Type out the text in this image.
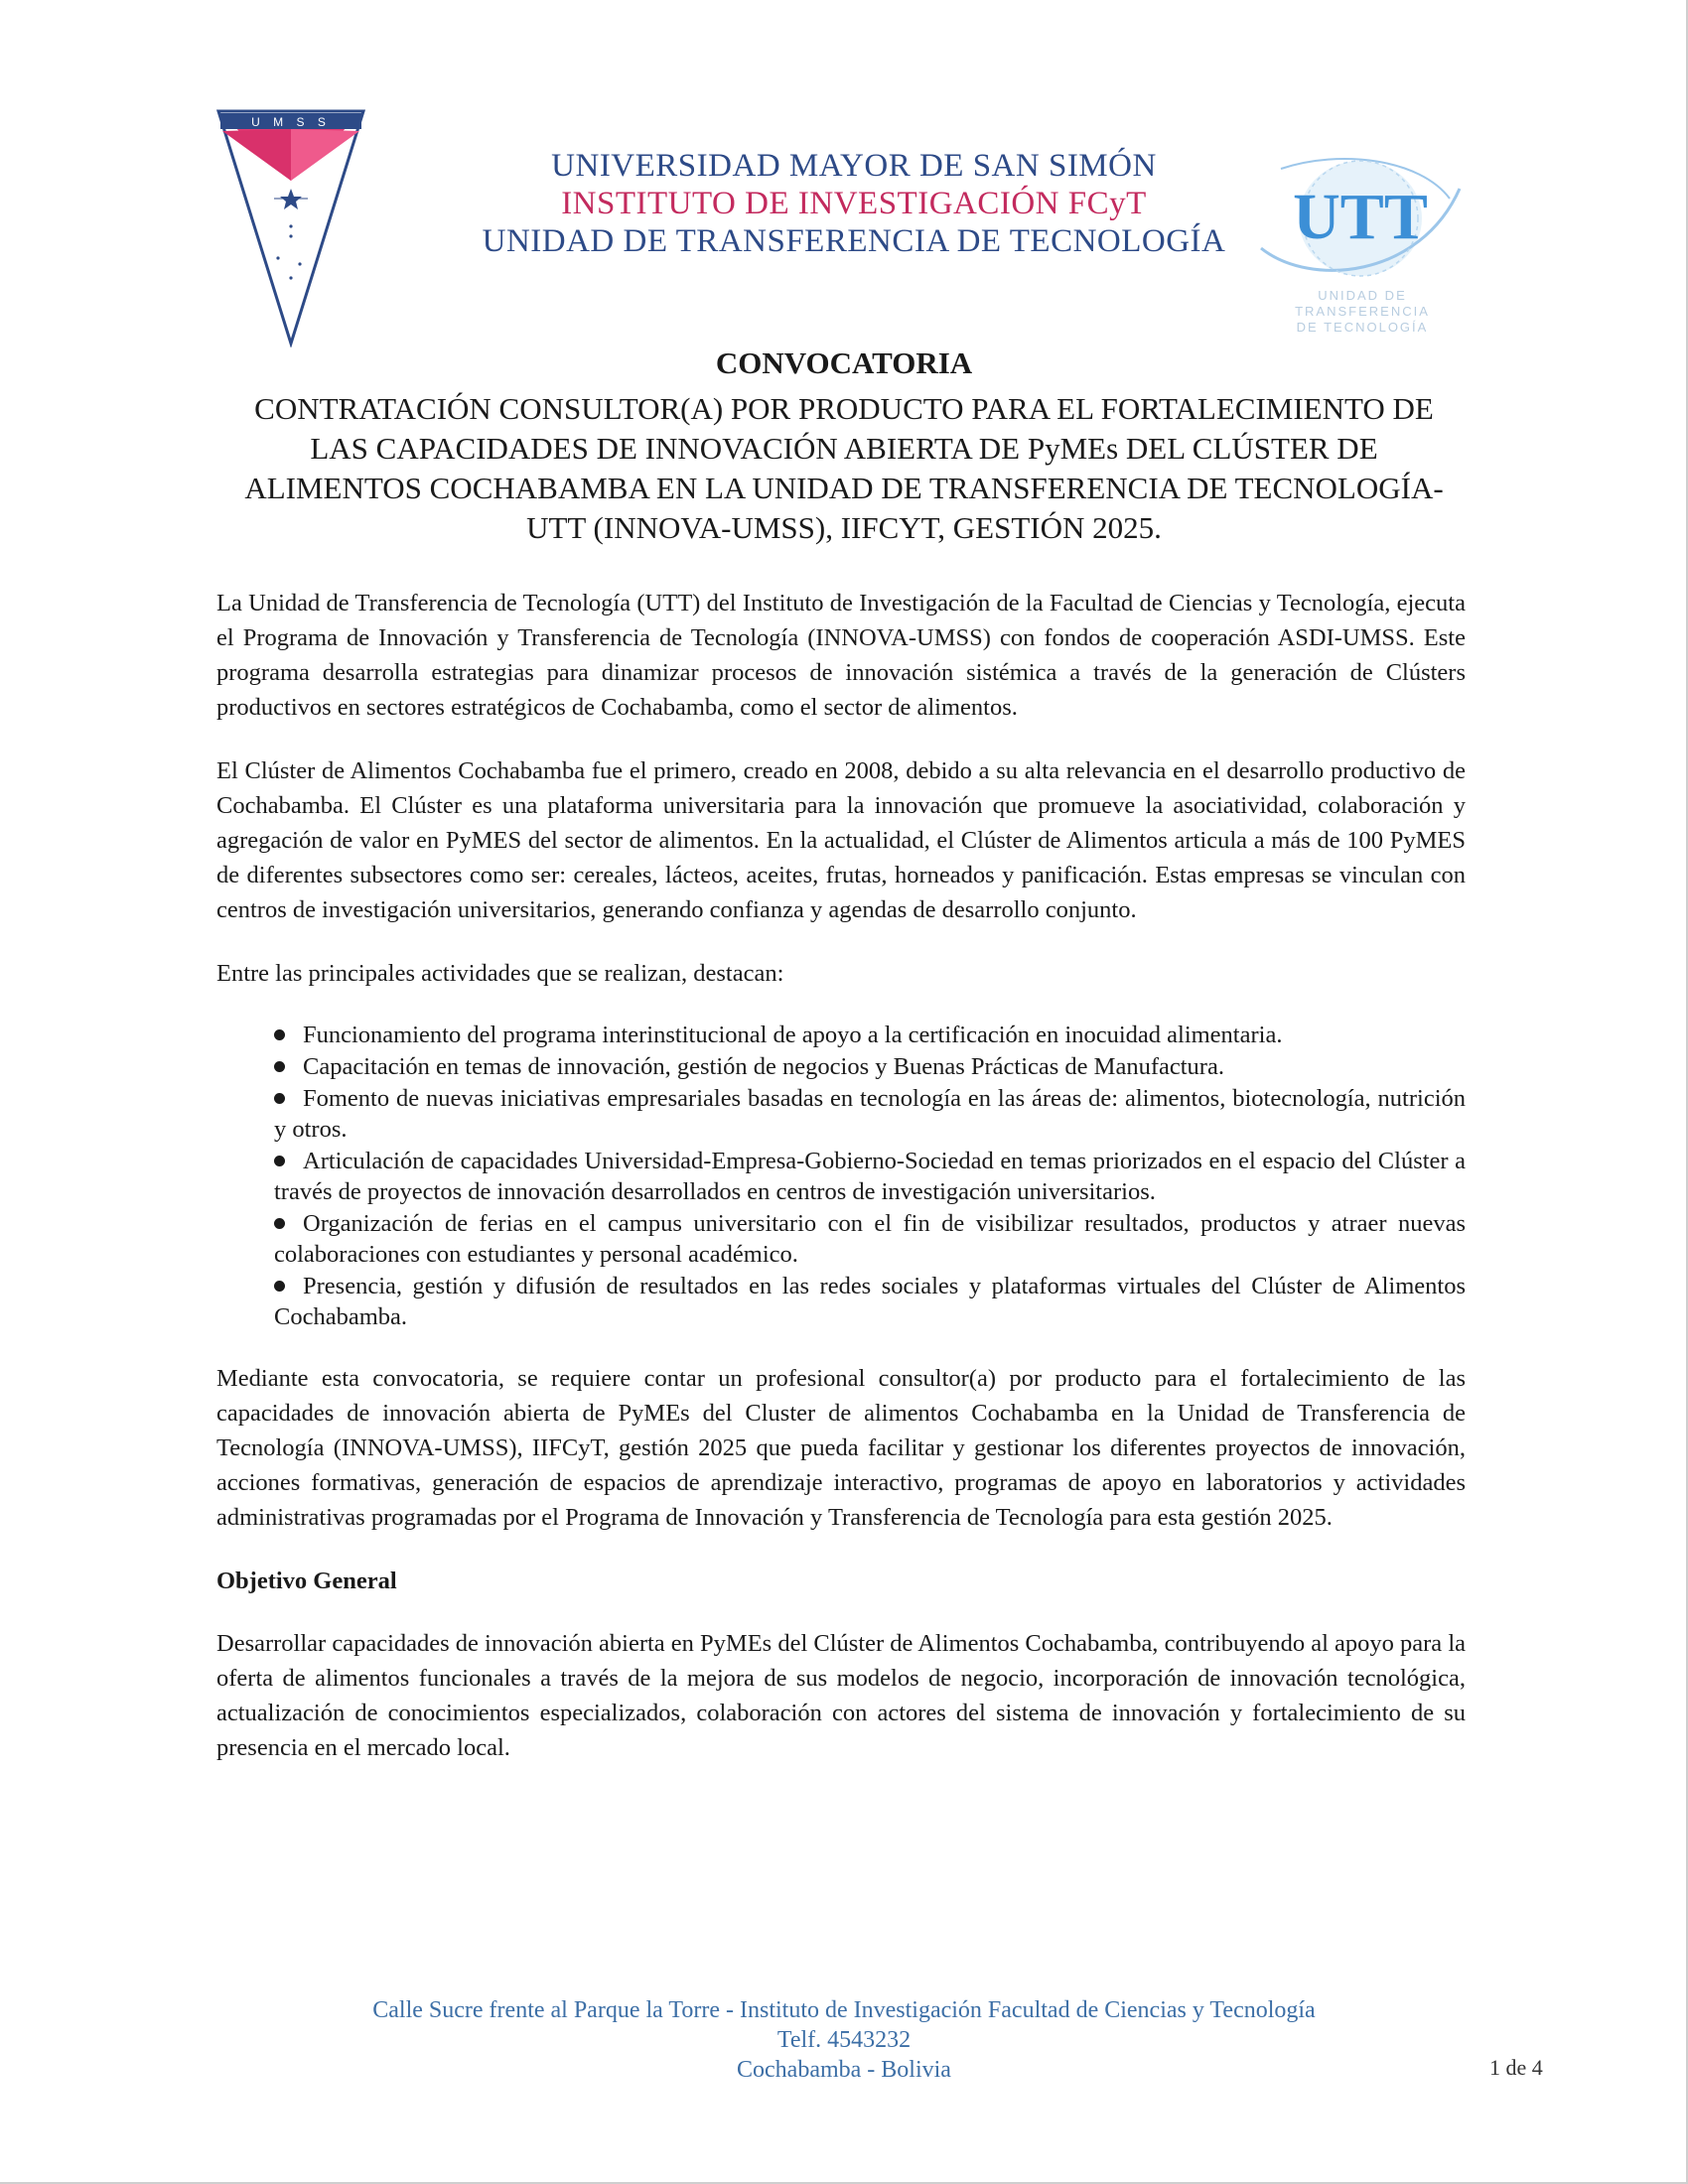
U M S S
UNIVERSIDAD MAYOR DE SAN SIMÓN
INSTITUTO DE INVESTIGACIÓN FCyT
UNIDAD DE TRANSFERENCIA DE TECNOLOGÍA	UTT
UNIDAD DE TRANSFERENCIA
DE TECNOLOGÍA
CONVOCATORIA
CONTRATACIÓN CONSULTOR(A) POR PRODUCTO PARA EL FORTALECIMIENTO DE
LAS CAPACIDADES DE INNOVACIÓN ABIERTA DE PyMEs DEL CLÚSTER DE
ALIMENTOS COCHABAMBA EN LA UNIDAD DE TRANSFERENCIA DE TECNOLOGÍA-
UTT (INNOVA-UMSS), IIFCYT, GESTIÓN 2025.

La Unidad de Transferencia de Tecnología (UTT) del Instituto de Investigación de la Facultad de Ciencias y Tecnología, ejecuta el Programa de Innovación y Transferencia de Tecnología (INNOVA-UMSS) con fondos de cooperación ASDI-UMSS. Este programa desarrolla estrategias para dinamizar procesos de innovación sistémica a través de la generación de Clústers productivos en sectores estratégicos de Cochabamba, como el sector de alimentos.

El Clúster de Alimentos Cochabamba fue el primero, creado en 2008, debido a su alta relevancia en el desarrollo productivo de Cochabamba. El Clúster es una plataforma universitaria para la innovación que promueve la asociatividad, colaboración y agregación de valor en PyMES del sector de alimentos. En la actualidad, el Clúster de Alimentos articula a más de 100 PyMES de diferentes subsectores como ser: cereales, lácteos, aceites, frutas, horneados y panificación. Estas empresas se vinculan con centros de investigación universitarios, generando confianza y agendas de desarrollo conjunto.

Entre las principales actividades que se realizan, destacan:

Funcionamiento del programa interinstitucional de apoyo a la certificación en inocuidad alimentaria.
Capacitación en temas de innovación, gestión de negocios y Buenas Prácticas de Manufactura.
Fomento de nuevas iniciativas empresariales basadas en tecnología en las áreas de: alimentos, biotecnología, nutrición y otros.
Articulación de capacidades Universidad-Empresa-Gobierno-Sociedad en temas priorizados en el espacio del Clúster a través de proyectos de innovación desarrollados en centros de investigación universitarios.
Organización de ferias en el campus universitario con el fin de visibilizar resultados, productos y atraer nuevas colaboraciones con estudiantes y personal académico.
Presencia, gestión y difusión de resultados en las redes sociales y plataformas virtuales del Clúster de Alimentos Cochabamba.

Mediante esta convocatoria, se requiere contar un profesional consultor(a) por producto para el fortalecimiento de las capacidades de innovación abierta de PyMEs del Cluster de alimentos Cochabamba en la Unidad de Transferencia de Tecnología (INNOVA-UMSS), IIFCyT, gestión 2025 que pueda facilitar y gestionar los diferentes proyectos de innovación, acciones formativas, generación de espacios de aprendizaje interactivo, programas de apoyo en laboratorios y actividades administrativas programadas por el Programa de Innovación y Transferencia de Tecnología para esta gestión 2025.

Objetivo General

Desarrollar capacidades de innovación abierta en PyMEs del Clúster de Alimentos Cochabamba, contribuyendo al apoyo para la oferta de alimentos funcionales a través de la mejora de sus modelos de negocio, incorporación de innovación tecnológica, actualización de conocimientos especializados, colaboración con actores del sistema de innovación y fortalecimiento de su presencia en el mercado local.

Calle Sucre frente al Parque la Torre - Instituto de Investigación Facultad de Ciencias y Tecnología
Telf. 4543232
Cochabamba - Bolivia	1 de 4
